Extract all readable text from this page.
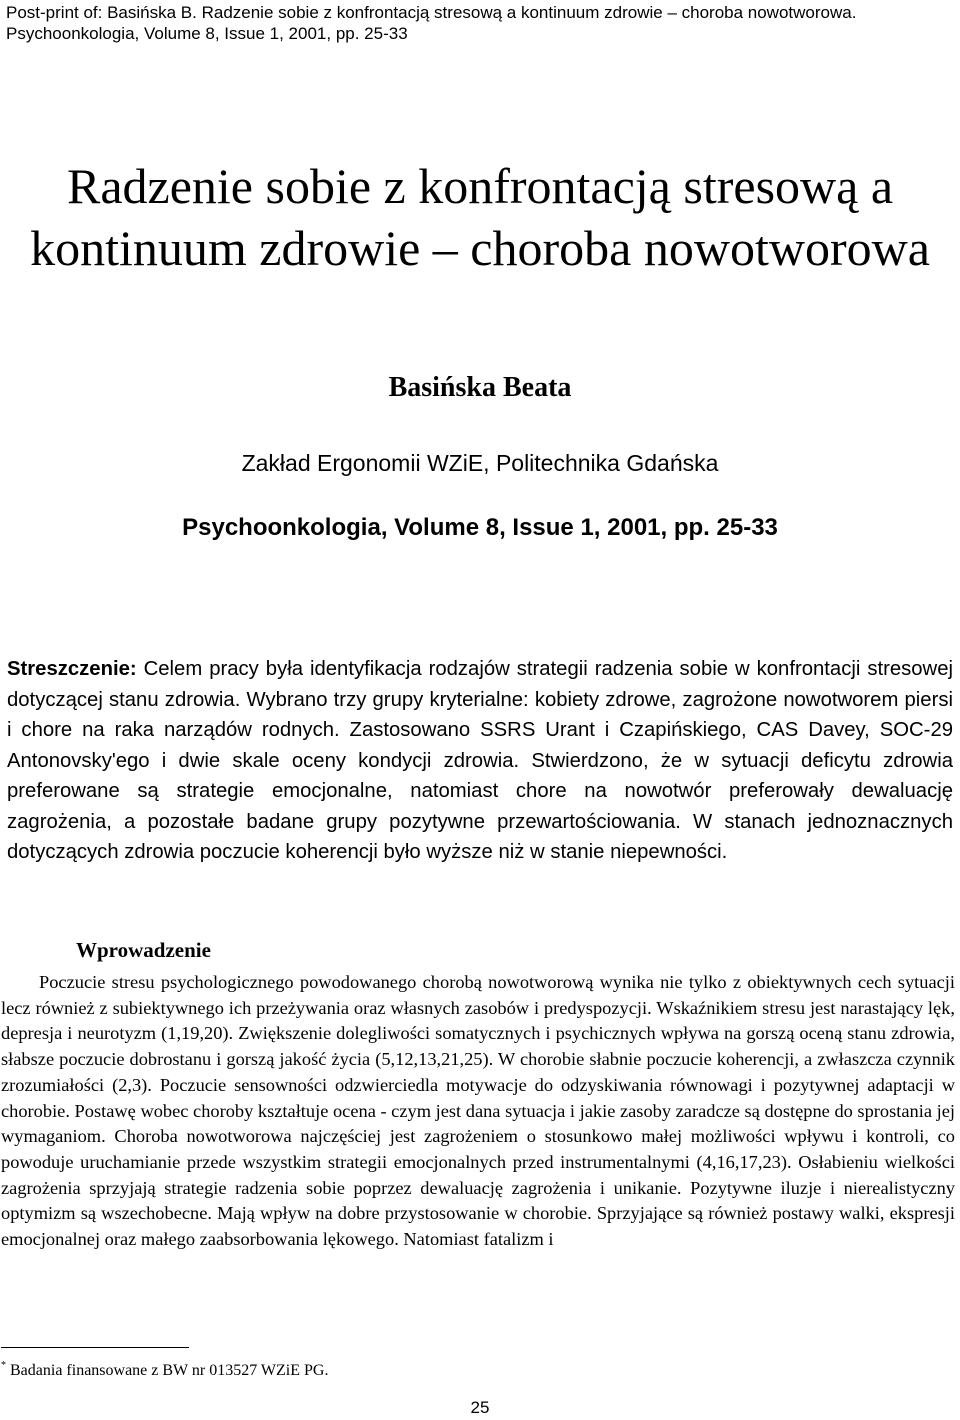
Post-print of: Basińska B. Radzenie sobie z konfrontacją stresową a kontinuum zdrowie – choroba nowotworowa. Psychoonkologia, Volume 8, Issue 1, 2001, pp. 25-33
Radzenie sobie z konfrontacją stresową a kontinuum zdrowie – choroba nowotworowa
Basińska Beata
Zakład Ergonomii WZiE, Politechnika Gdańska
Psychoonkologia, Volume 8, Issue 1, 2001, pp. 25-33

Streszczenie: Celem pracy była identyfikacja rodzajów strategii radzenia sobie w konfrontacji stresowej dotyczącej stanu zdrowia. Wybrano trzy grupy kryterialne: kobiety zdrowe, zagrożone nowotworem piersi i chore na raka narządów rodnych. Zastosowano SSRS Urant i Czapińskiego, CAS Davey, SOC-29 Antonovsky'ego i dwie skale oceny kondycji zdrowia. Stwierdzono, że w sytuacji deficytu zdrowia preferowane są strategie emocjonalne, natomiast chore na nowotwór preferowały dewaluację zagrożenia, a pozostałe badane grupy pozytywne przewartościowania. W stanach jednoznacznych dotyczących zdrowia poczucie koherencji było wyższe niż w stanie niepewności.

Wprowadzenie

Poczucie stresu psychologicznego powodowanego chorobą nowotworową wynika nie tylko z obiektywnych cech sytuacji lecz również z subiektywnego ich przeżywania oraz własnych zasobów i predyspozycji. Wskaźnikiem stresu jest narastający lęk, depresja i neurotyzm (1,19,20). Zwiększenie dolegliwości somatycznych i psychicznych wpływa na gorszą oceną stanu zdrowia, słabsze poczucie dobrostanu i gorszą jakość życia (5,12,13,21,25). W chorobie słabnie poczucie koherencji, a zwłaszcza czynnik zrozumiałości (2,3). Poczucie sensowności odzwierciedla motywacje do odzyskiwania równowagi i pozytywnej adaptacji w chorobie. Postawę wobec choroby kształtuje ocena - czym jest dana sytuacja i jakie zasoby zaradcze są dostępne do sprostania jej wymaganiom. Choroba nowotworowa najczęściej jest zagrożeniem o stosunkowo małej możliwości wpływu i kontroli, co powoduje uruchamianie przede wszystkim strategii emocjonalnych przed instrumentalnymi (4,16,17,23). Osłabieniu wielkości zagrożenia sprzyjają strategie radzenia sobie poprzez dewaluację zagrożenia i unikanie. Pozytywne iluzje i nierealistyczny optymizm są wszechobecne. Mają wpływ na dobre przystosowanie w chorobie. Sprzyjające są również postawy walki, ekspresji emocjonalnej oraz małego zaabsorbowania lękowego. Natomiast fatalizm i

* Badania finansowane z BW nr 013527 WZiE PG.
25
